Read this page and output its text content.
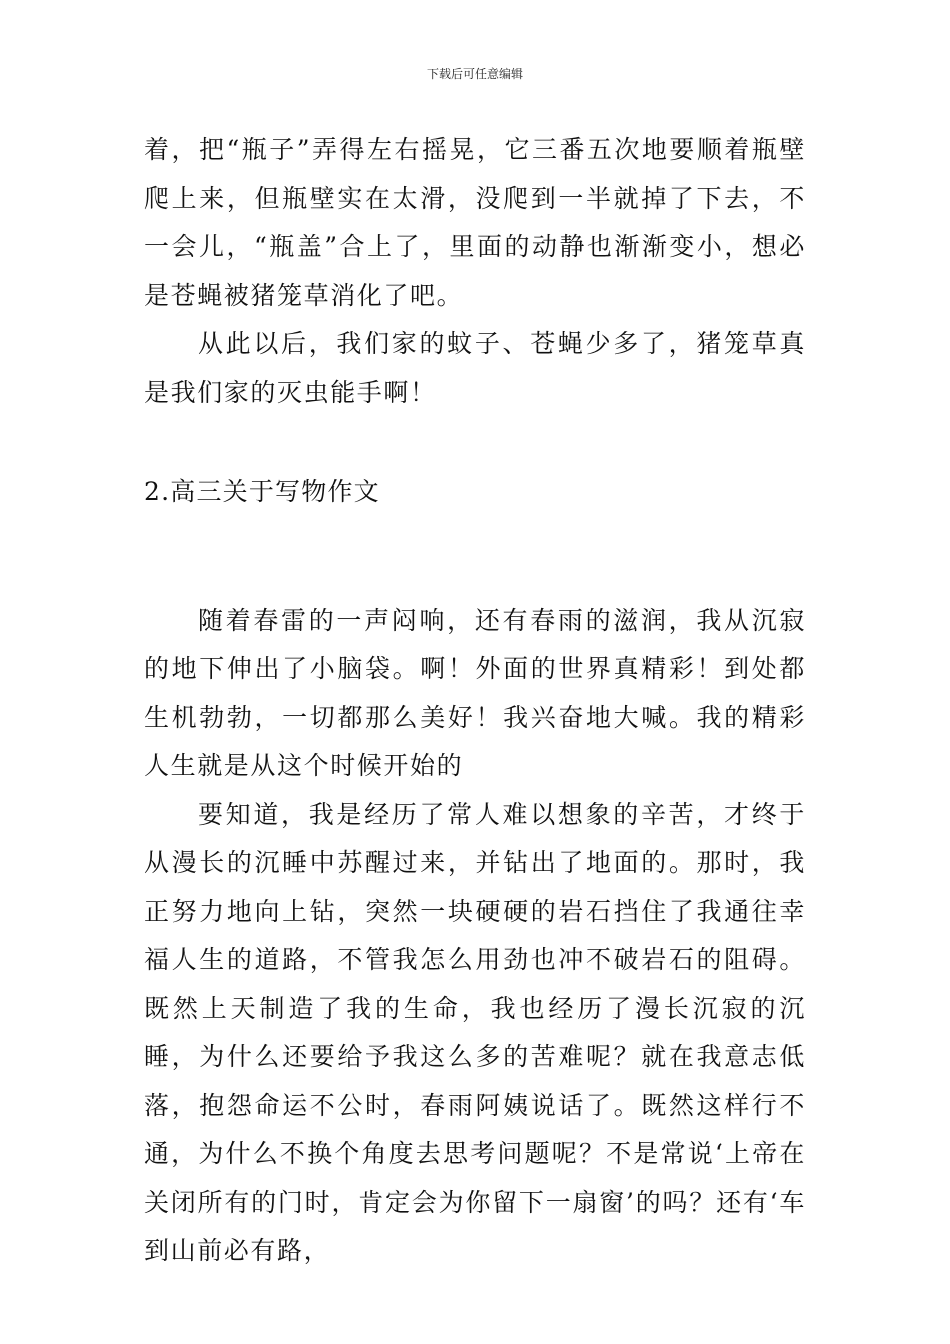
下载后可任意编辑

着，把“瓶子”弄得左右摇晃，它三番五次地要顺着瓶壁爬上来，但瓶壁实在太滑，没爬到一半就掉了下去，不一会儿，“瓶盖”合上了，里面的动静也渐渐变小，想必是苍蝇被猪笼草消化了吧。

从此以后，我们家的蚊子、苍蝇少多了，猪笼草真是我们家的灭虫能手啊！

2.高三关于写物作文

随着春雷的一声闷响，还有春雨的滋润，我从沉寂的地下伸出了小脑袋。啊！外面的世界真精彩！到处都生机勃勃，一切都那么美好！我兴奋地大喊。我的精彩人生就是从这个时候开始的

要知道，我是经历了常人难以想象的辛苦，才终于从漫长的沉睡中苏醒过来，并钻出了地面的。那时，我正努力地向上钻，突然一块硬硬的岩石挡住了我通往幸福人生的道路，不管我怎么用劲也冲不破岩石的阻碍。既然上天制造了我的生命，我也经历了漫长沉寂的沉睡，为什么还要给予我这么多的苦难呢？就在我意志低落，抱怨命运不公时，春雨阿姨说话了。既然这样行不通，为什么不换个角度去思考问题呢？不是常说‘上帝在关闭所有的门时，肯定会为你留下一扇窗’的吗？还有‘车到山前必有路，
